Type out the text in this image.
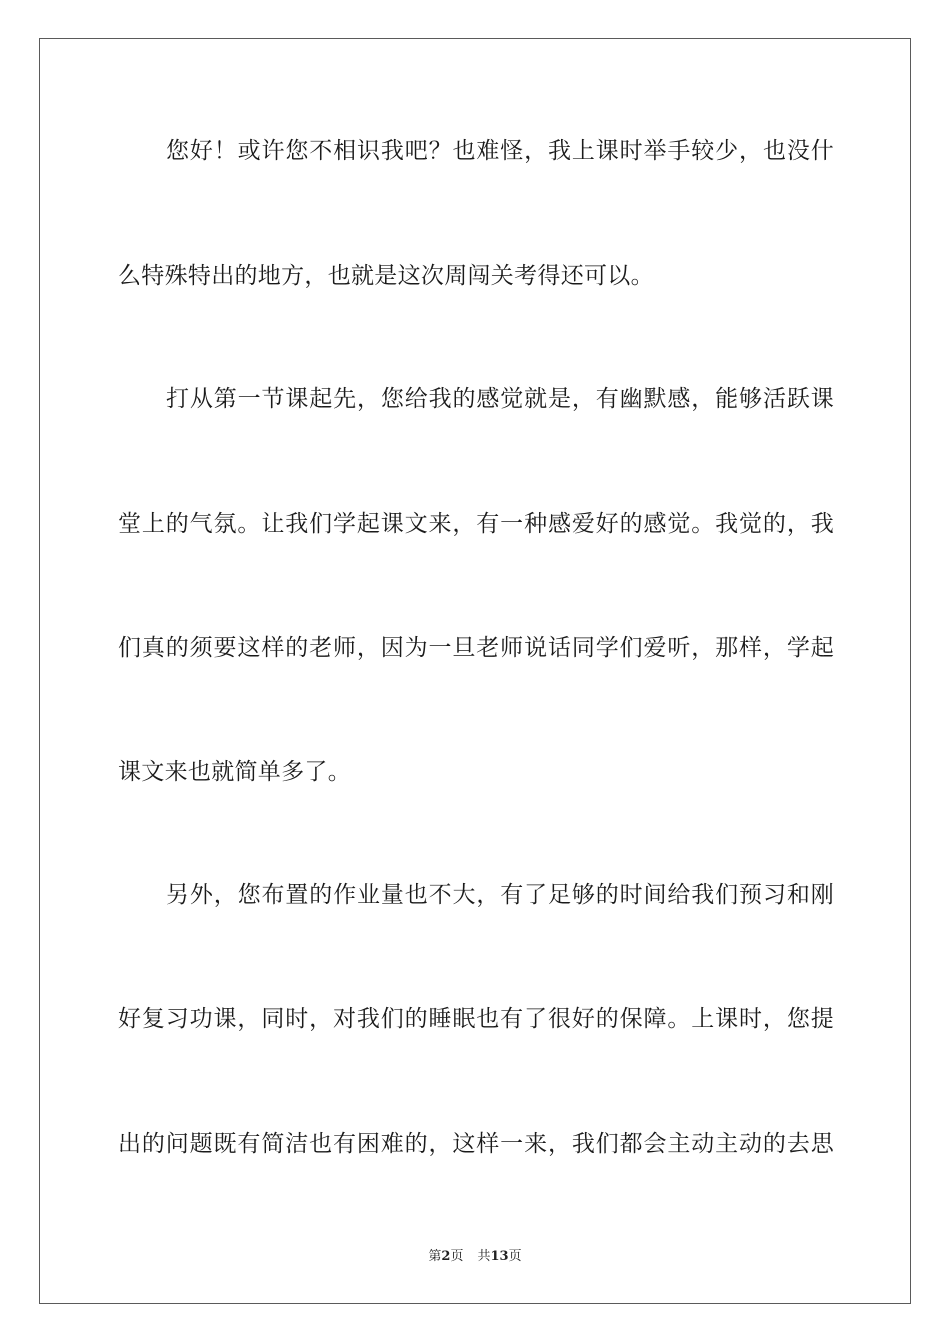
您好！或许您不相识我吧？也难怪，我上课时举手较少，也没什
么特殊特出的地方，也就是这次周闯关考得还可以。
打从第一节课起先，您给我的感觉就是，有幽默感，能够活跃课
堂上的气氛。让我们学起课文来，有一种感爱好的感觉。我觉的，我
们真的须要这样的老师，因为一旦老师说话同学们爱听，那样，学起
课文来也就简单多了。
另外，您布置的作业量也不大，有了足够的时间给我们预习和刚
好复习功课，同时，对我们的睡眠也有了很好的保障。上课时，您提
出的问题既有简洁也有困难的，这样一来，我们都会主动主动的去思
第2页 共13页
